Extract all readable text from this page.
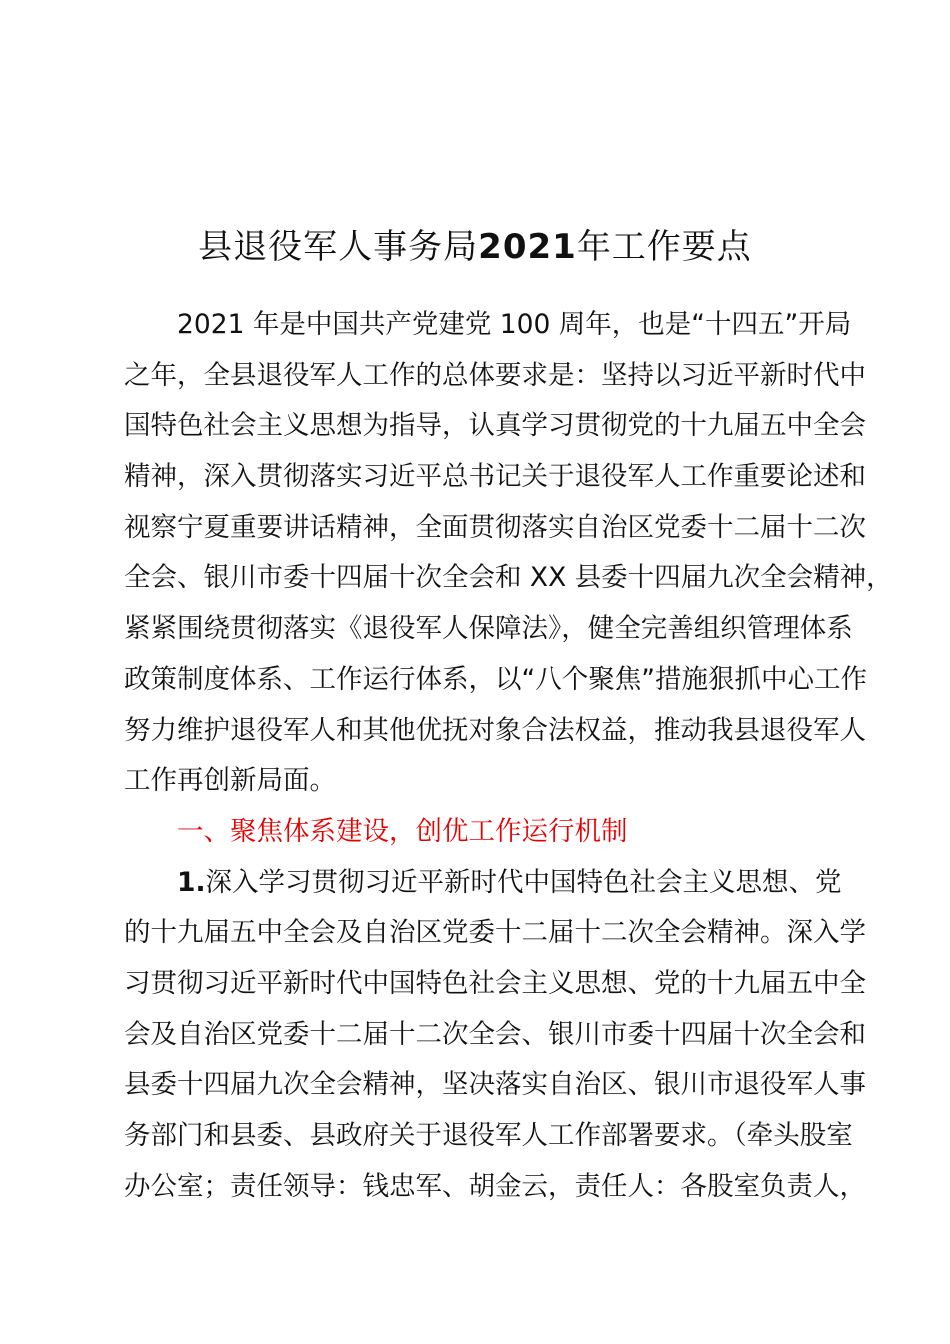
县退役军人事务局2021年工作要点
2021 年是中国共产党建党 100 周年，也是“十四五”开局
之年，全县退役军人工作的总体要求是：坚持以习近平新时代中
国特色社会主义思想为指导，认真学习贯彻党的十九届五中全会
精神，深入贯彻落实习近平总书记关于退役军人工作重要论述和
视察宁夏重要讲话精神，全面贯彻落实自治区党委十二届十二次
全会、银川市委十四届十次全会和 XX 县委十四届九次全会精神，
紧紧围绕贯彻落实《退役军人保障法》，健全完善组织管理体系
政策制度体系、工作运行体系，以“八个聚焦”措施狠抓中心工作
努力维护退役军人和其他优抚对象合法权益，推动我县退役军人
工作再创新局面。
一、聚焦体系建设，创优工作运行机制
1.深入学习贯彻习近平新时代中国特色社会主义思想、党
的十九届五中全会及自治区党委十二届十二次全会精神。深入学
习贯彻习近平新时代中国特色社会主义思想、党的十九届五中全
会及自治区党委十二届十二次全会、银川市委十四届十次全会和
县委十四届九次全会精神，坚决落实自治区、银川市退役军人事
务部门和县委、县政府关于退役军人工作部署要求。（牵头股室
办公室；责任领导：钱忠军、胡金云，责任人：各股室负责人，
